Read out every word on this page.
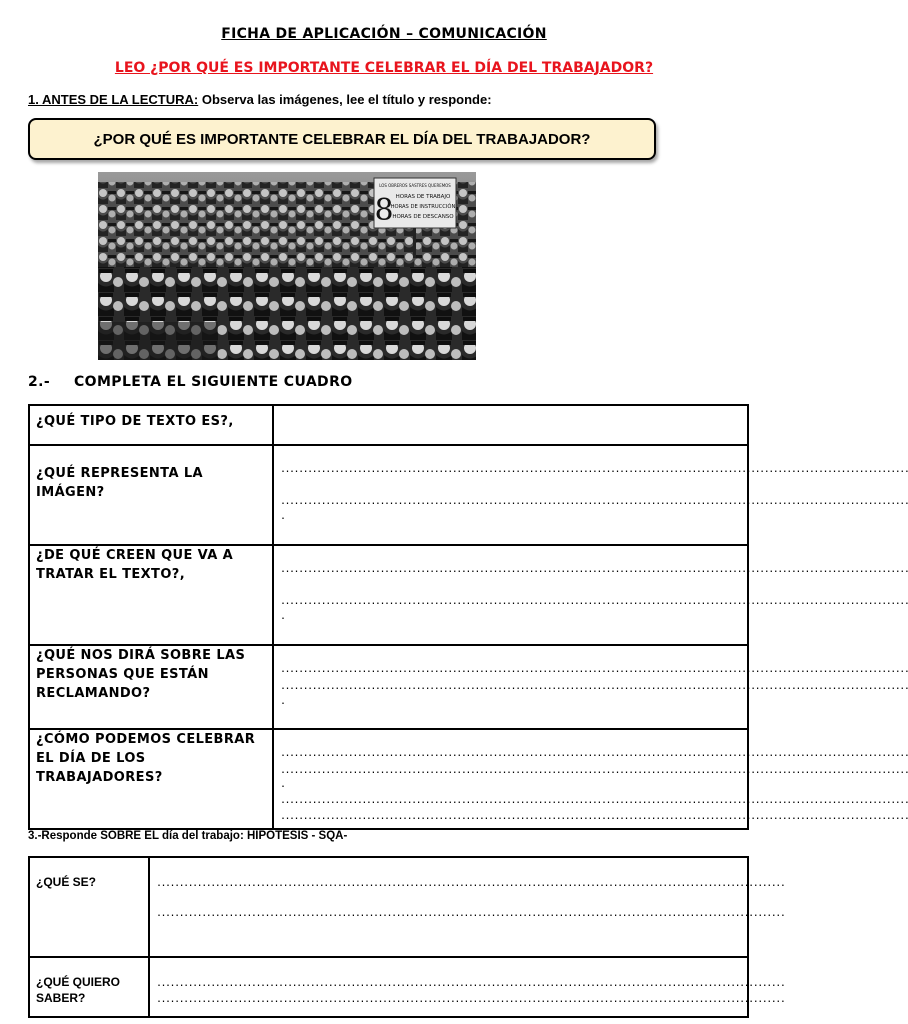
FICHA DE APLICACIÓN – COMUNICACIÓN
LEO ¿POR QUÉ ES IMPORTANTE CELEBRAR EL DÍA DEL TRABAJADOR?
1. ANTES DE LA LECTURA: Observa las imágenes, lee el título y responde:
¿POR QUÉ ES IMPORTANTE CELEBRAR EL DÍA DEL TRABAJADOR?
LOS OBREROS SASTRES QUEREMOS
8 HORAS DE TRABAJO
HORAS DE INSTRUCCIÓN
HORAS DE DESCANSO
2.- COMPLETA EL SIGUIENTE CUADRO
¿QUÉ TIPO DE TEXTO ES?,	
¿QUÉ REPRESENTA LA IMÁGEN?	...........................................................................................................................................
...........................................................................................................................................
.

¿DE QUÉ CREEN QUE VA A TRATAR EL TEXTO?,	...........................................................................................................................................
...........................................................................................................................................
.

¿QUÉ NOS DIRÁ SOBRE LAS PERSONAS QUE ESTÁN RECLAMANDO?	...........................................................................................................................................
...........................................................................................................................................
.

¿CÓMO PODEMOS CELEBRAR EL DÍA DE LOS TRABAJADORES?	...........................................................................................................................................
...........................................................................................................................................
.
...........................................................................................................................................
...........................................................................................................................................
3.-Responde SOBRE EL día del trabajo: HIPÓTESIS - SQA-
¿QUÉ SE?	...........................................................................................................................................
...........................................................................................................................................

¿QUÉ QUIERO SABER?	...........................................................................................................................................
...........................................................................................................................................
